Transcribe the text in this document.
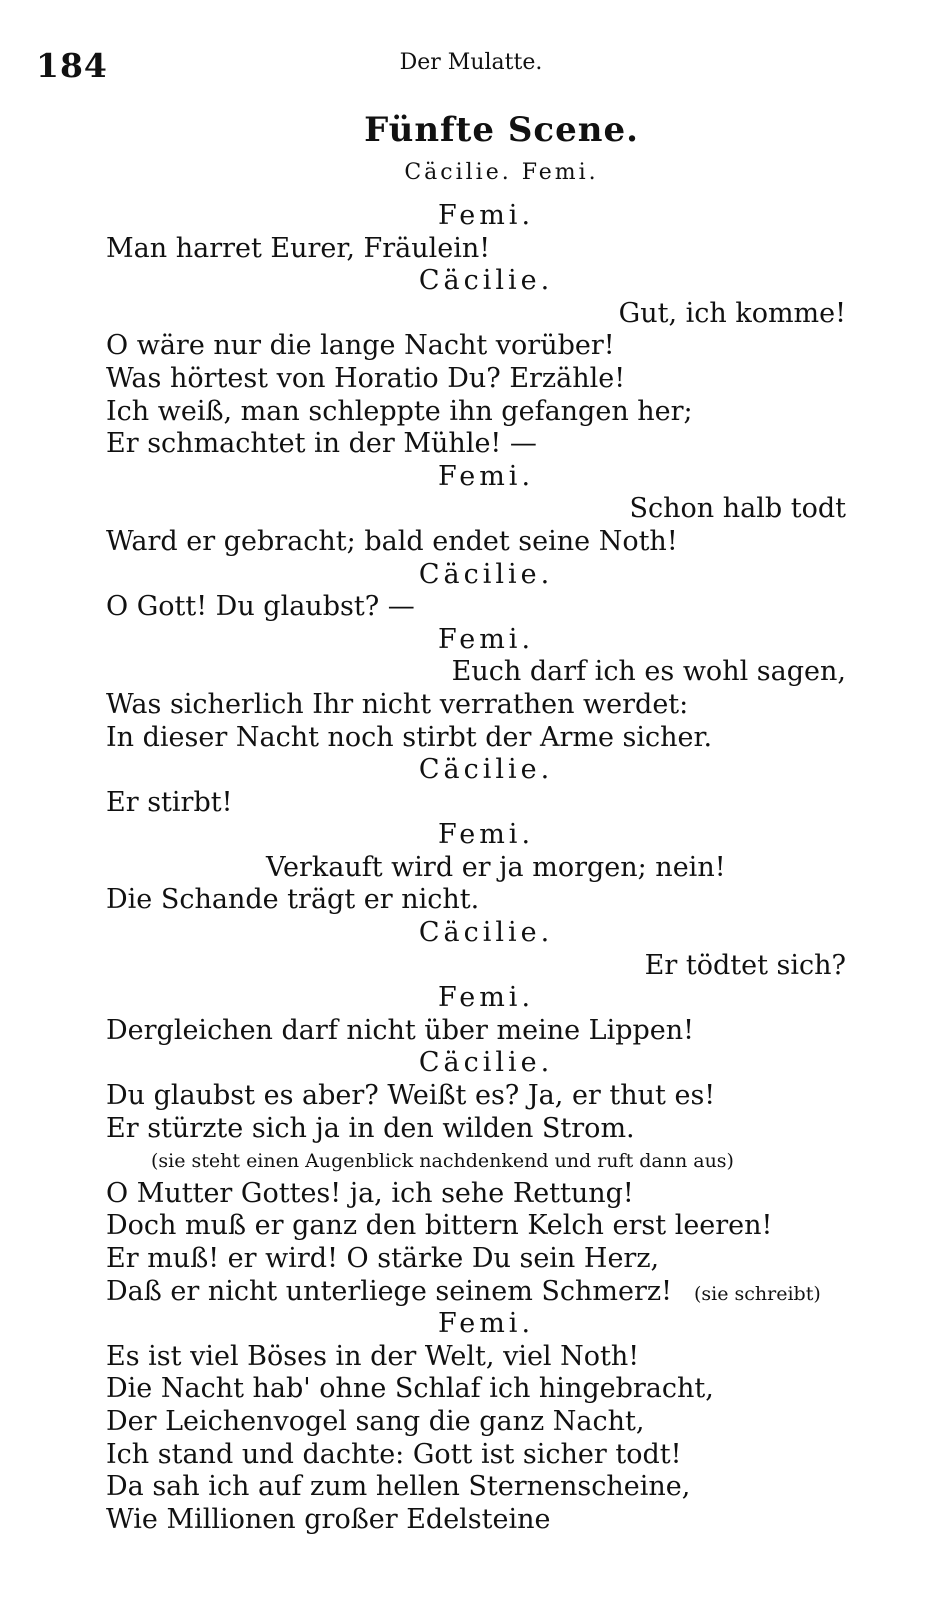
184	Der Mulatte.
Fünfte Scene.
Cäcilie. Femi.
Femi.
Man harret Eurer, Fräulein!
Cäcilie.
Gut, ich komme!
O wäre nur die lange Nacht vorüber!
Was hörtest von Horatio Du? Erzähle!
Ich weiß, man schleppte ihn gefangen her;
Er schmachtet in der Mühle! —
Femi.
Schon halb todt
Ward er gebracht; bald endet seine Noth!
Cäcilie.
O Gott! Du glaubst? —
Femi.
Euch darf ich es wohl sagen,
Was sicherlich Ihr nicht verrathen werdet:
In dieser Nacht noch stirbt der Arme sicher.
Cäcilie.
Er stirbt!
Femi.
Verkauft wird er ja morgen; nein!
Die Schande trägt er nicht.
Cäcilie.
Er tödtet sich?
Femi.
Dergleichen darf nicht über meine Lippen!
Cäcilie.
Du glaubst es aber? Weißt es? Ja, er thut es!
Er stürzte sich ja in den wilden Strom.
(sie steht einen Augenblick nachdenkend und ruft dann aus)
O Mutter Gottes! ja, ich sehe Rettung!
Doch muß er ganz den bittern Kelch erst leeren!
Er muß! er wird! O stärke Du sein Herz,
Daß er nicht unterliege seinem Schmerz! (sie schreibt)
Femi.
Es ist viel Böses in der Welt, viel Noth!
Die Nacht hab' ohne Schlaf ich hingebracht,
Der Leichenvogel sang die ganz Nacht,
Ich stand und dachte: Gott ist sicher todt!
Da sah ich auf zum hellen Sternenscheine,
Wie Millionen großer Edelsteine
